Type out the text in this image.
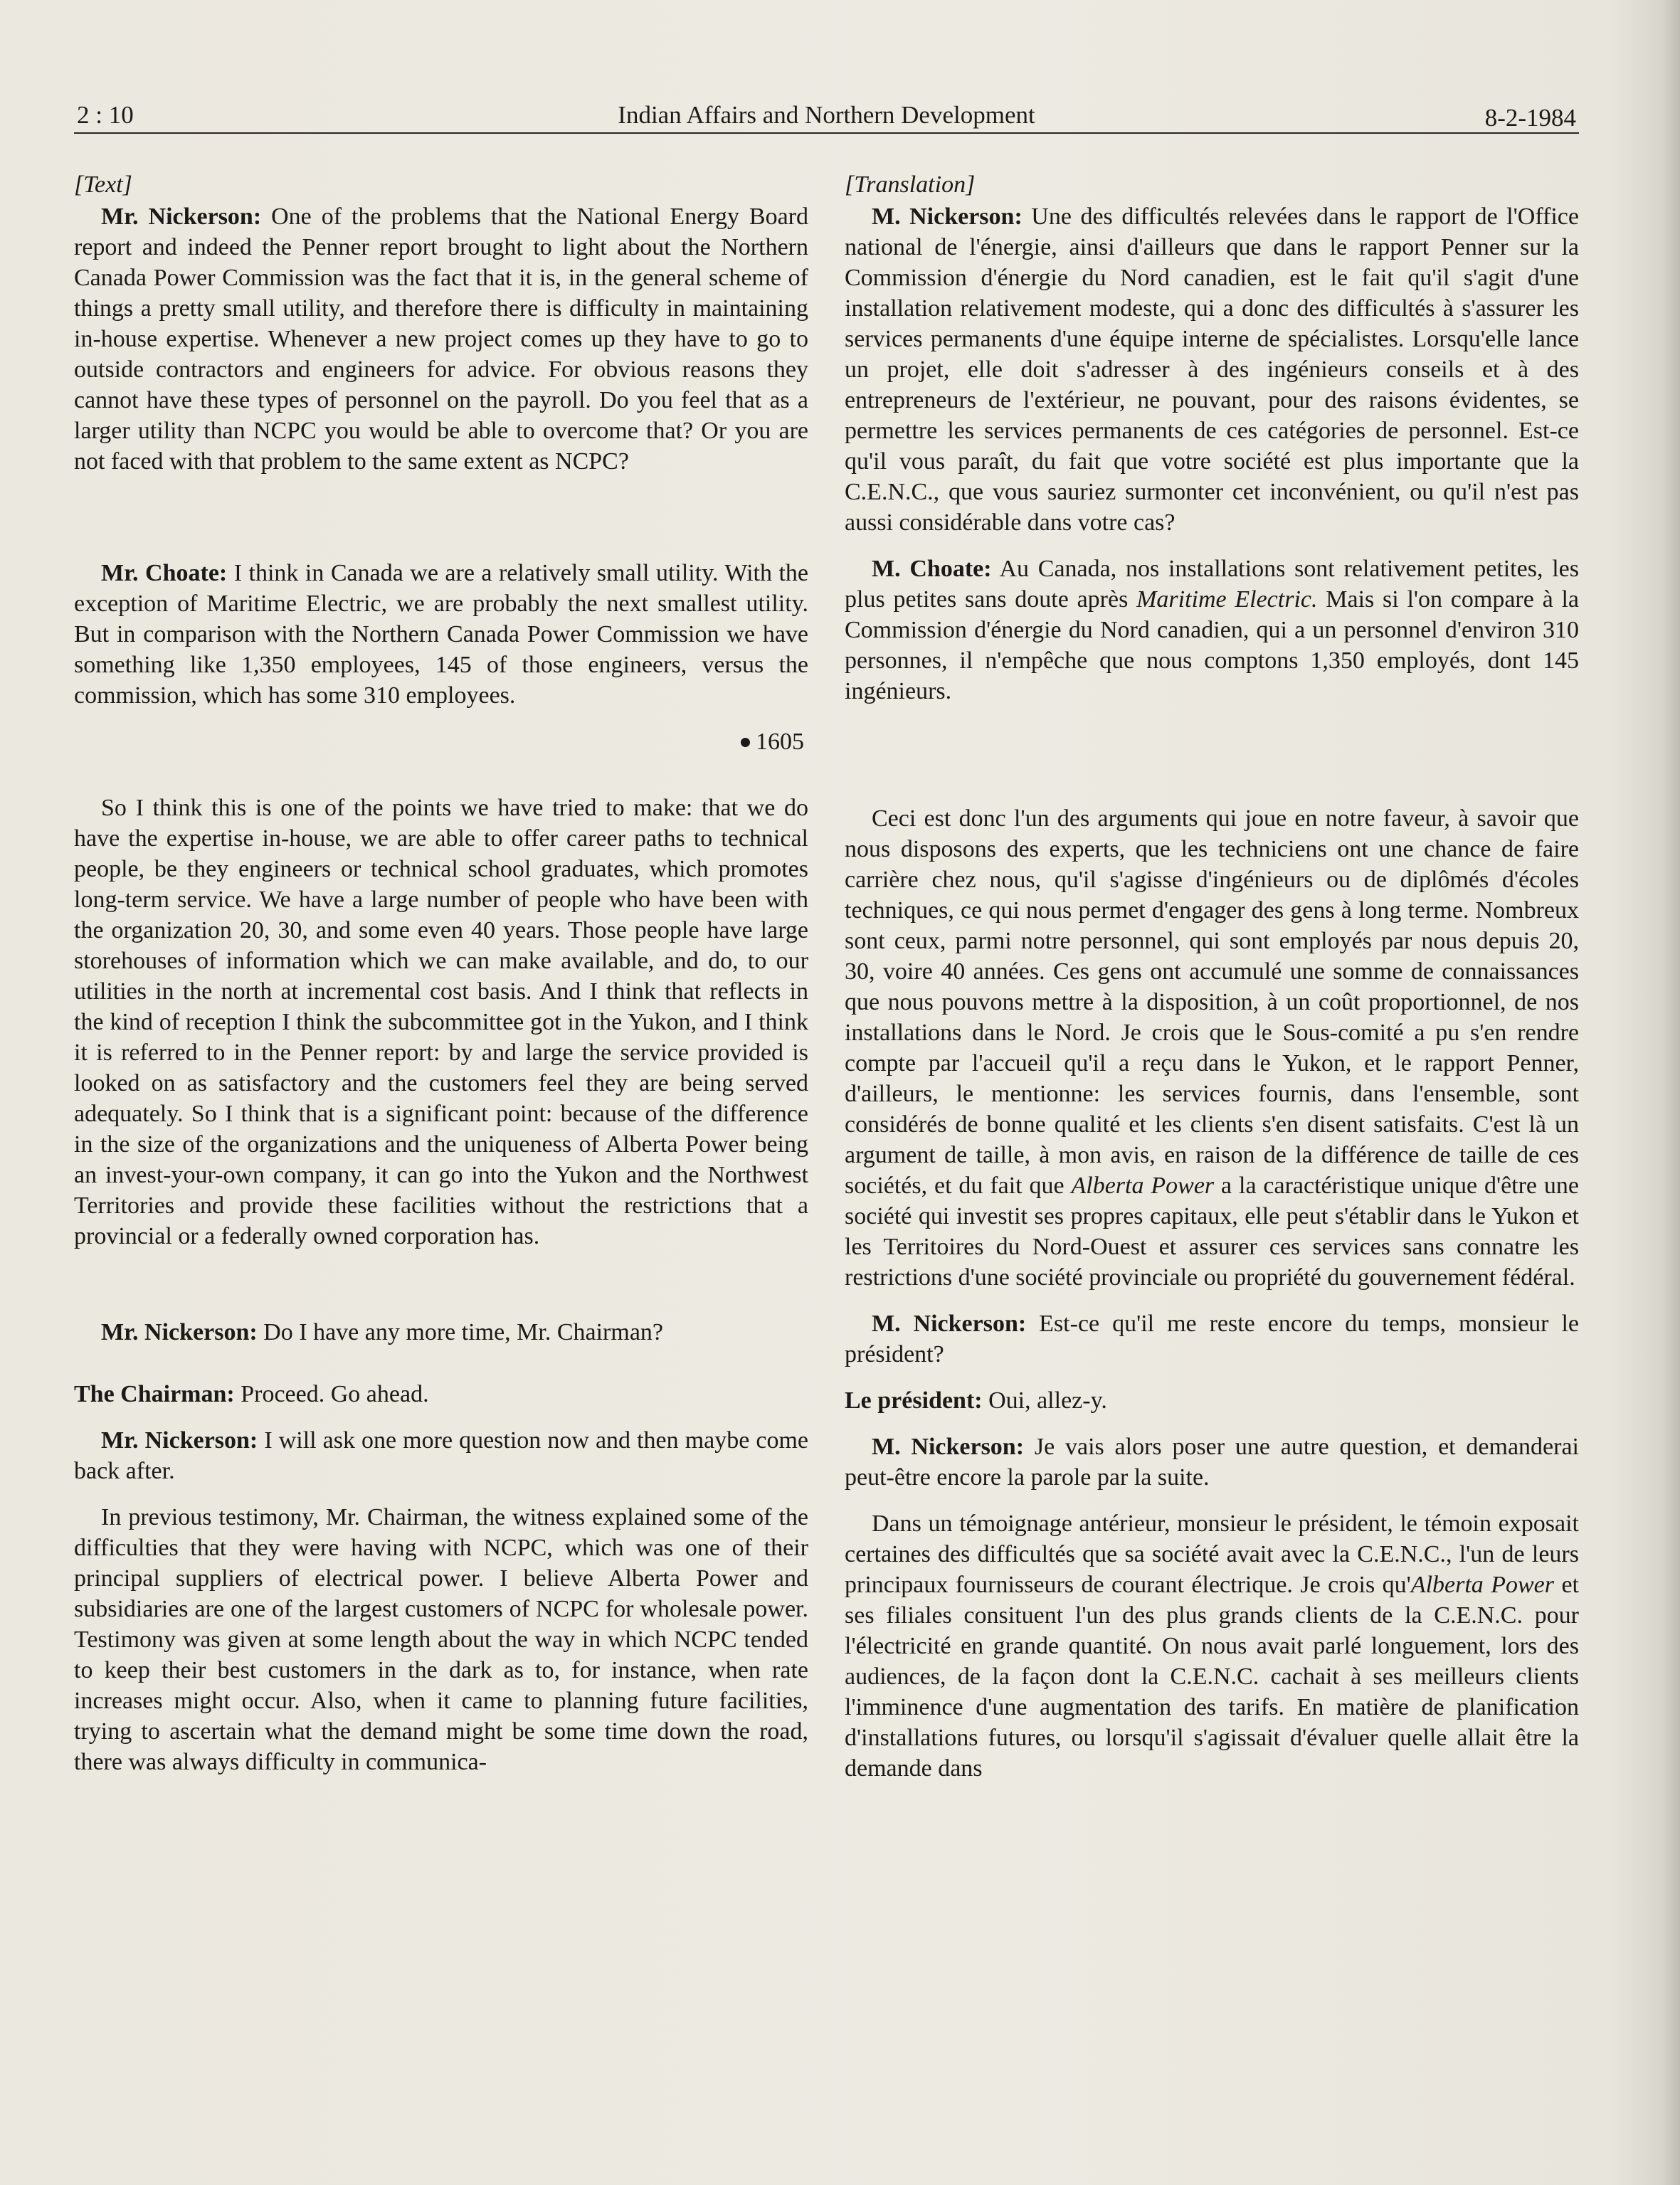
2 : 10	Indian Affairs and Northern Development	8-2-1984

[Text]

Mr. Nickerson: One of the problems that the National Energy Board report and indeed the Penner report brought to light about the Northern Canada Power Commission was the fact that it is, in the general scheme of things a pretty small utility, and therefore there is difficulty in maintaining in-house expertise. Whenever a new project comes up they have to go to outside contractors and engineers for advice. For obvious reasons they cannot have these types of personnel on the payroll. Do you feel that as a larger utility than NCPC you would be able to overcome that? Or you are not faced with that problem to the same extent as NCPC?

Mr. Choate: I think in Canada we are a relatively small utility. With the exception of Maritime Electric, we are probably the next smallest utility. But in comparison with the Northern Canada Power Commission we have something like 1,350 employees, 145 of those engineers, versus the commission, which has some 310 employees.

1605

So I think this is one of the points we have tried to make: that we do have the expertise in-house, we are able to offer career paths to technical people, be they engineers or technical school graduates, which promotes long-term service. We have a large number of people who have been with the organization 20, 30, and some even 40 years. Those people have large storehouses of information which we can make available, and do, to our utilities in the north at incremental cost basis. And I think that reflects in the kind of reception I think the subcommittee got in the Yukon, and I think it is referred to in the Penner report: by and large the service provided is looked on as satisfactory and the customers feel they are being served adequately. So I think that is a significant point: because of the difference in the size of the organizations and the uniqueness of Alberta Power being an invest-your-own company, it can go into the Yukon and the Northwest Territories and provide these facilities without the restrictions that a provincial or a federally owned corporation has.

Mr. Nickerson: Do I have any more time, Mr. Chairman?

The Chairman: Proceed. Go ahead.

Mr. Nickerson: I will ask one more question now and then maybe come back after.

In previous testimony, Mr. Chairman, the witness explained some of the difficulties that they were having with NCPC, which was one of their principal suppliers of electrical power. I believe Alberta Power and subsidiaries are one of the largest customers of NCPC for wholesale power. Testimony was given at some length about the way in which NCPC tended to keep their best customers in the dark as to, for instance, when rate increases might occur. Also, when it came to planning future facilities, trying to ascertain what the demand might be some time down the road, there was always difficulty in communica-

[Translation]

M. Nickerson: Une des difficultés relevées dans le rapport de l'Office national de l'énergie, ainsi d'ailleurs que dans le rapport Penner sur la Commission d'énergie du Nord canadien, est le fait qu'il s'agit d'une installation relativement modeste, qui a donc des difficultés à s'assurer les services permanents d'une équipe interne de spécialistes. Lorsqu'elle lance un projet, elle doit s'adresser à des ingénieurs conseils et à des entrepreneurs de l'extérieur, ne pouvant, pour des raisons évidentes, se permettre les services permanents de ces catégories de personnel. Est-ce qu'il vous paraît, du fait que votre société est plus importante que la C.E.N.C., que vous sauriez surmonter cet inconvénient, ou qu'il n'est pas aussi considérable dans votre cas?

M. Choate: Au Canada, nos installations sont relativement petites, les plus petites sans doute après Maritime Electric. Mais si l'on compare à la Commission d'énergie du Nord canadien, qui a un personnel d'environ 310 personnes, il n'empêche que nous comptons 1,350 employés, dont 145 ingénieurs.

Ceci est donc l'un des arguments qui joue en notre faveur, à savoir que nous disposons des experts, que les techniciens ont une chance de faire carrière chez nous, qu'il s'agisse d'ingénieurs ou de diplômés d'écoles techniques, ce qui nous permet d'engager des gens à long terme. Nombreux sont ceux, parmi notre personnel, qui sont employés par nous depuis 20, 30, voire 40 années. Ces gens ont accumulé une somme de connaissances que nous pouvons mettre à la disposition, à un coût proportionnel, de nos installations dans le Nord. Je crois que le Sous-comité a pu s'en rendre compte par l'accueil qu'il a reçu dans le Yukon, et le rapport Penner, d'ailleurs, le mentionne: les services fournis, dans l'ensemble, sont considérés de bonne qualité et les clients s'en disent satisfaits. C'est là un argument de taille, à mon avis, en raison de la différence de taille de ces sociétés, et du fait que Alberta Power a la caractéristique unique d'être une société qui investit ses propres capitaux, elle peut s'établir dans le Yukon et les Territoires du Nord-Ouest et assurer ces services sans connatre les restrictions d'une société provinciale ou propriété du gouvernement fédéral.

M. Nickerson: Est-ce qu'il me reste encore du temps, monsieur le président?

Le président: Oui, allez-y.

M. Nickerson: Je vais alors poser une autre question, et demanderai peut-être encore la parole par la suite.

Dans un témoignage antérieur, monsieur le président, le témoin exposait certaines des difficultés que sa société avait avec la C.E.N.C., l'un de leurs principaux fournisseurs de courant électrique. Je crois qu'Alberta Power et ses filiales consituent l'un des plus grands clients de la C.E.N.C. pour l'électricité en grande quantité. On nous avait parlé longuement, lors des audiences, de la façon dont la C.E.N.C. cachait à ses meilleurs clients l'imminence d'une augmentation des tarifs. En matière de planification d'installations futures, ou lorsqu'il s'agissait d'évaluer quelle allait être la demande dans
